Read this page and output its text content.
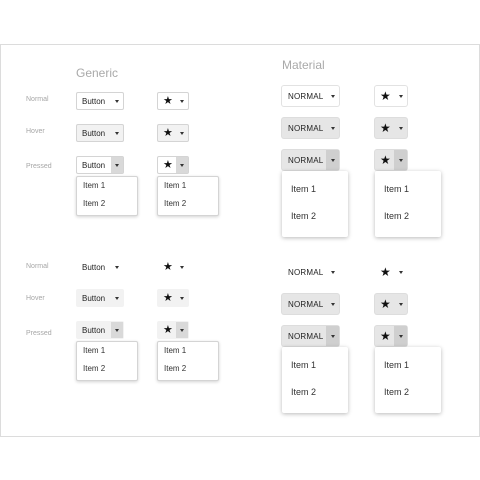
Generic
Material
Normal
Hover
Pressed
Normal
Hover
Pressed
Button	★
Button	★
Button	★
Item 1
Item 2
Item 1
Item 2
Button	★
Button	★
Button	★
Item 1
Item 2
Item 1
Item 2
NORMAL	★
NORMAL	★
NORMAL	★
Item 1
Item 2
Item 1
Item 2
NORMAL	★
NORMAL	★
NORMAL	★
Item 1
Item 2
Item 1
Item 2
